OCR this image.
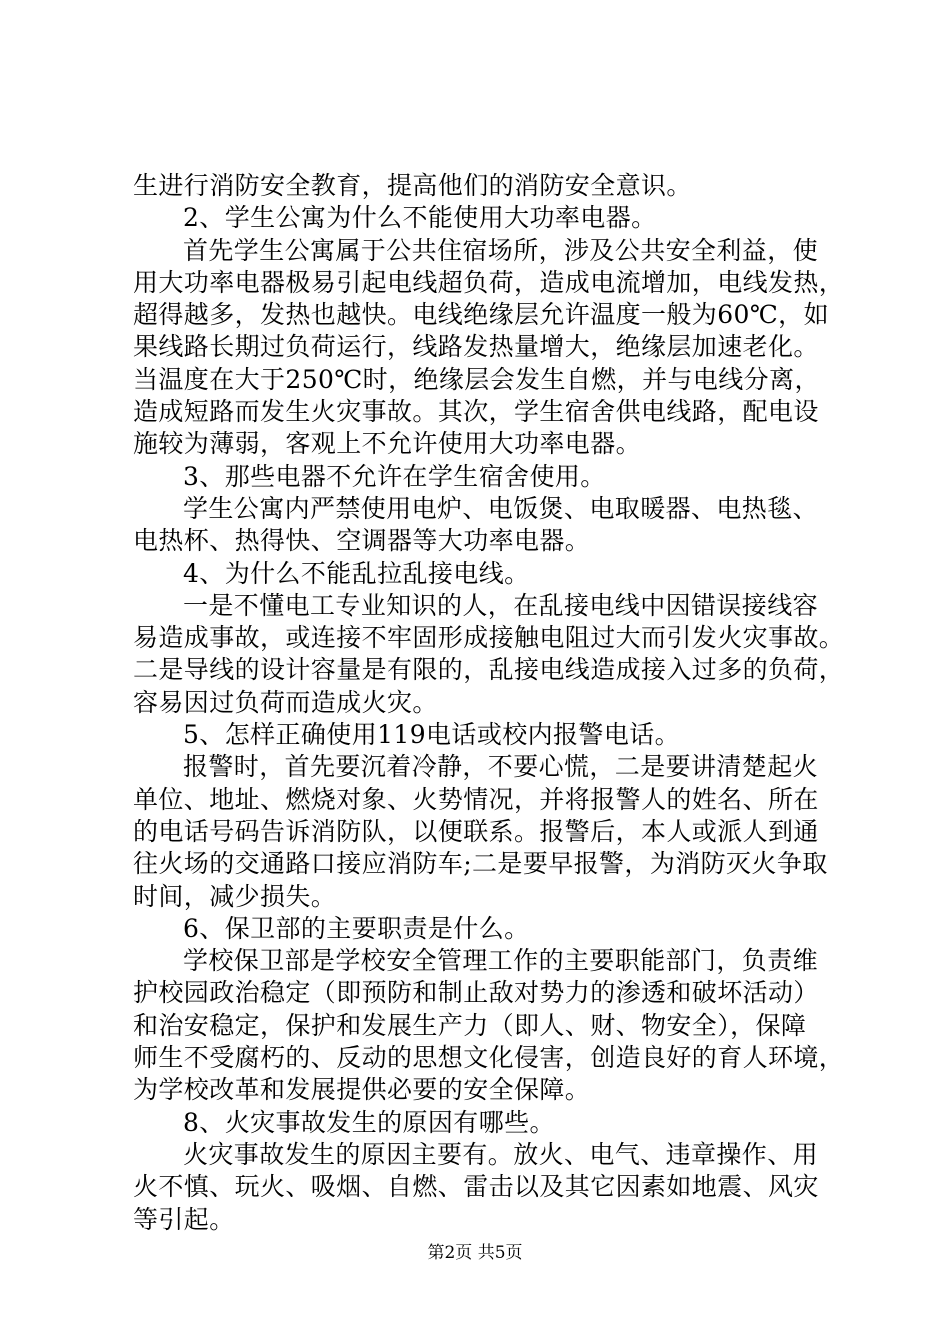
生进行消防安全教育，提高他们的消防安全意识。
2、学生公寓为什么不能使用大功率电器。
首先学生公寓属于公共住宿场所，涉及公共安全利益，使
用大功率电器极易引起电线超负荷，造成电流增加，电线发热，
超得越多，发热也越快。电线绝缘层允许温度一般为60℃，如
果线路长期过负荷运行，线路发热量增大，绝缘层加速老化。
当温度在大于250℃时，绝缘层会发生自燃，并与电线分离，
造成短路而发生火灾事故。其次，学生宿舍供电线路，配电设
施较为薄弱，客观上不允许使用大功率电器。
3、那些电器不允许在学生宿舍使用。
学生公寓内严禁使用电炉、电饭煲、电取暖器、电热毯、
电热杯、热得快、空调器等大功率电器。
4、为什么不能乱拉乱接电线。
一是不懂电工专业知识的人，在乱接电线中因错误接线容
易造成事故，或连接不牢固形成接触电阻过大而引发火灾事故。
二是导线的设计容量是有限的，乱接电线造成接入过多的负荷，
容易因过负荷而造成火灾。
5、怎样正确使用119电话或校内报警电话。
报警时，首先要沉着冷静，不要心慌，二是要讲清楚起火
单位、地址、燃烧对象、火势情况，并将报警人的姓名、所在
的电话号码告诉消防队，以便联系。报警后，本人或派人到通
往火场的交通路口接应消防车;二是要早报警，为消防灭火争取
时间，减少损失。
6、保卫部的主要职责是什么。
学校保卫部是学校安全管理工作的主要职能部门，负责维
护校园政治稳定（即预防和制止敌对势力的渗透和破坏活动）
和治安稳定，保护和发展生产力（即人、财、物安全），保障
师生不受腐朽的、反动的思想文化侵害，创造良好的育人环境，
为学校改革和发展提供必要的安全保障。
8、火灾事故发生的原因有哪些。
火灾事故发生的原因主要有。放火、电气、违章操作、用
火不慎、玩火、吸烟、自燃、雷击以及其它因素如地震、风灾
等引起。
第2页 共5页
